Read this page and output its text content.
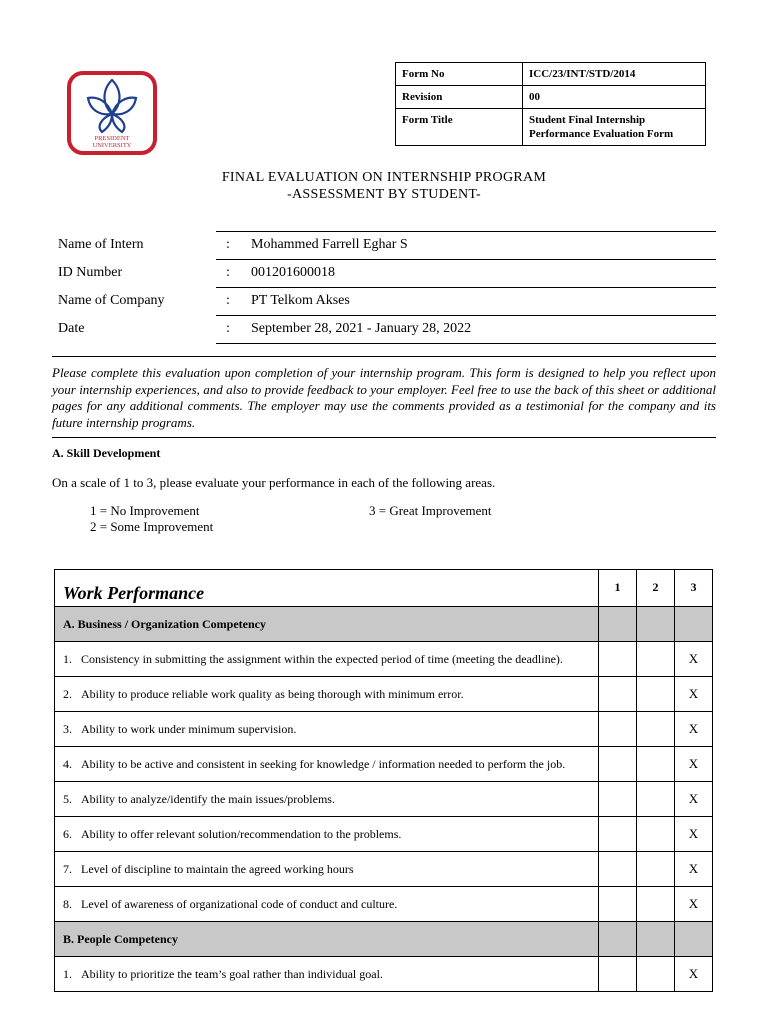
PRESIDENT
UNIVERSITY
Form No	ICC/23/INT/STD/2014
Revision	00
Form Title	Student Final Internship Performance Evaluation Form
FINAL EVALUATION ON INTERNSHIP PROGRAM
-ASSESSMENT BY STUDENT-
Name of Intern	: Mohammed Farrell Eghar S
ID Number	: 001201600018
Name of Company	: PT Telkom Akses
Date	: September 28, 2021 - January 28, 2022
Please complete this evaluation upon completion of your internship program. This form is designed to help you reflect upon your internship experiences, and also to provide feedback to your employer. Feel free to use the back of this sheet or additional pages for any additional comments. The employer may use the comments provided as a testimonial for the company and its future internship programs.
A. Skill Development
On a scale of 1 to 3, please evaluate your performance in each of the following areas.
1 = No Improvement
2 = Some Improvement
3 = Great Improvement
Work Performance	1	2	3
A. Business / Organization Competency			

1. Consistency in submitting the assignment within the expected period of time (meeting the deadline).			X

2. Ability to produce reliable work quality as being thorough with minimum error.			X

3. Ability to work under minimum supervision.			X

4. Ability to be active and consistent in seeking for knowledge / information needed to perform the job.			X

5. Ability to analyze/identify the main issues/problems.			X

6. Ability to offer relevant solution/recommendation to the problems.			X

7. Level of discipline to maintain the agreed working hours			X

8. Level of awareness of organizational code of conduct and culture.			X
B. People Competency			

1. Ability to prioritize the team’s goal rather than individual goal.			X
